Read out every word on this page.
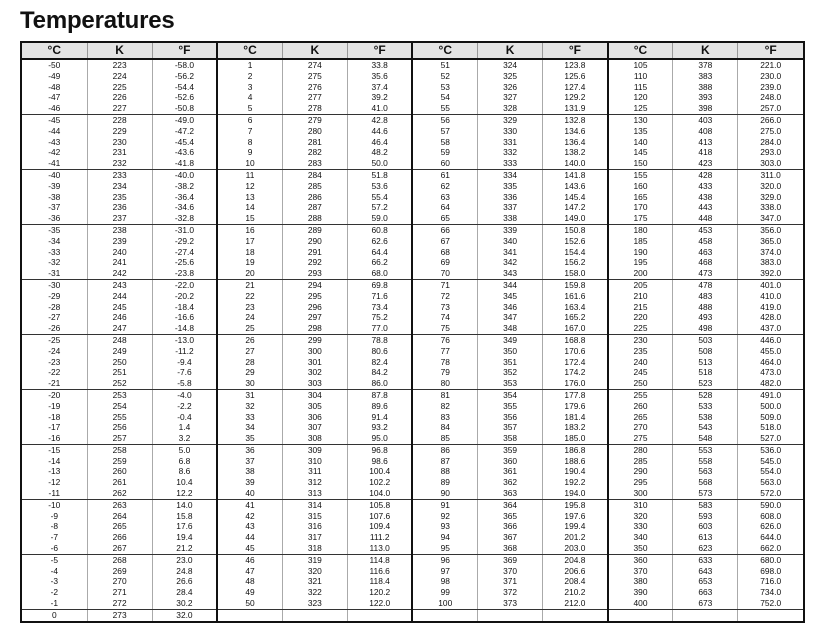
Temperatures
°C	K	°F	°C	K	°F	°C	K	°F	°C	K	°F
-50	223	-58.0	1	274	33.8	51	324	123.8	105	378	221.0
-49	224	-56.2	2	275	35.6	52	325	125.6	110	383	230.0
-48	225	-54.4	3	276	37.4	53	326	127.4	115	388	239.0
-47	226	-52.6	4	277	39.2	54	327	129.2	120	393	248.0
-46	227	-50.8	5	278	41.0	55	328	131.9	125	398	257.0
-45	228	-49.0	6	279	42.8	56	329	132.8	130	403	266.0
-44	229	-47.2	7	280	44.6	57	330	134.6	135	408	275.0
-43	230	-45.4	8	281	46.4	58	331	136.4	140	413	284.0
-42	231	-43.6	9	282	48.2	59	332	138.2	145	418	293.0
-41	232	-41.8	10	283	50.0	60	333	140.0	150	423	303.0
-40	233	-40.0	11	284	51.8	61	334	141.8	155	428	311.0
-39	234	-38.2	12	285	53.6	62	335	143.6	160	433	320.0
-38	235	-36.4	13	286	55.4	63	336	145.4	165	438	329.0
-37	236	-34.6	14	287	57.2	64	337	147.2	170	443	338.0
-36	237	-32.8	15	288	59.0	65	338	149.0	175	448	347.0
-35	238	-31.0	16	289	60.8	66	339	150.8	180	453	356.0
-34	239	-29.2	17	290	62.6	67	340	152.6	185	458	365.0
-33	240	-27.4	18	291	64.4	68	341	154.4	190	463	374.0
-32	241	-25.6	19	292	66.2	69	342	156.2	195	468	383.0
-31	242	-23.8	20	293	68.0	70	343	158.0	200	473	392.0
-30	243	-22.0	21	294	69.8	71	344	159.8	205	478	401.0
-29	244	-20.2	22	295	71.6	72	345	161.6	210	483	410.0
-28	245	-18.4	23	296	73.4	73	346	163.4	215	488	419.0
-27	246	-16.6	24	297	75.2	74	347	165.2	220	493	428.0
-26	247	-14.8	25	298	77.0	75	348	167.0	225	498	437.0
-25	248	-13.0	26	299	78.8	76	349	168.8	230	503	446.0
-24	249	-11.2	27	300	80.6	77	350	170.6	235	508	455.0
-23	250	-9.4	28	301	82.4	78	351	172.4	240	513	464.0
-22	251	-7.6	29	302	84.2	79	352	174.2	245	518	473.0
-21	252	-5.8	30	303	86.0	80	353	176.0	250	523	482.0
-20	253	-4.0	31	304	87.8	81	354	177.8	255	528	491.0
-19	254	-2.2	32	305	89.6	82	355	179.6	260	533	500.0
-18	255	-0.4	33	306	91.4	83	356	181.4	265	538	509.0
-17	256	1.4	34	307	93.2	84	357	183.2	270	543	518.0
-16	257	3.2	35	308	95.0	85	358	185.0	275	548	527.0
-15	258	5.0	36	309	96.8	86	359	186.8	280	553	536.0
-14	259	6.8	37	310	98.6	87	360	188.6	285	558	545.0
-13	260	8.6	38	311	100.4	88	361	190.4	290	563	554.0
-12	261	10.4	39	312	102.2	89	362	192.2	295	568	563.0
-11	262	12.2	40	313	104.0	90	363	194.0	300	573	572.0
-10	263	14.0	41	314	105.8	91	364	195.8	310	583	590.0
-9	264	15.8	42	315	107.6	92	365	197.6	320	593	608.0
-8	265	17.6	43	316	109.4	93	366	199.4	330	603	626.0
-7	266	19.4	44	317	111.2	94	367	201.2	340	613	644.0
-6	267	21.2	45	318	113.0	95	368	203.0	350	623	662.0
-5	268	23.0	46	319	114.8	96	369	204.8	360	633	680.0
-4	269	24.8	47	320	116.6	97	370	206.6	370	643	698.0
-3	270	26.6	48	321	118.4	98	371	208.4	380	653	716.0
-2	271	28.4	49	322	120.2	99	372	210.2	390	663	734.0
-1	272	30.2	50	323	122.0	100	373	212.0	400	673	752.0
0	273	32.0									
